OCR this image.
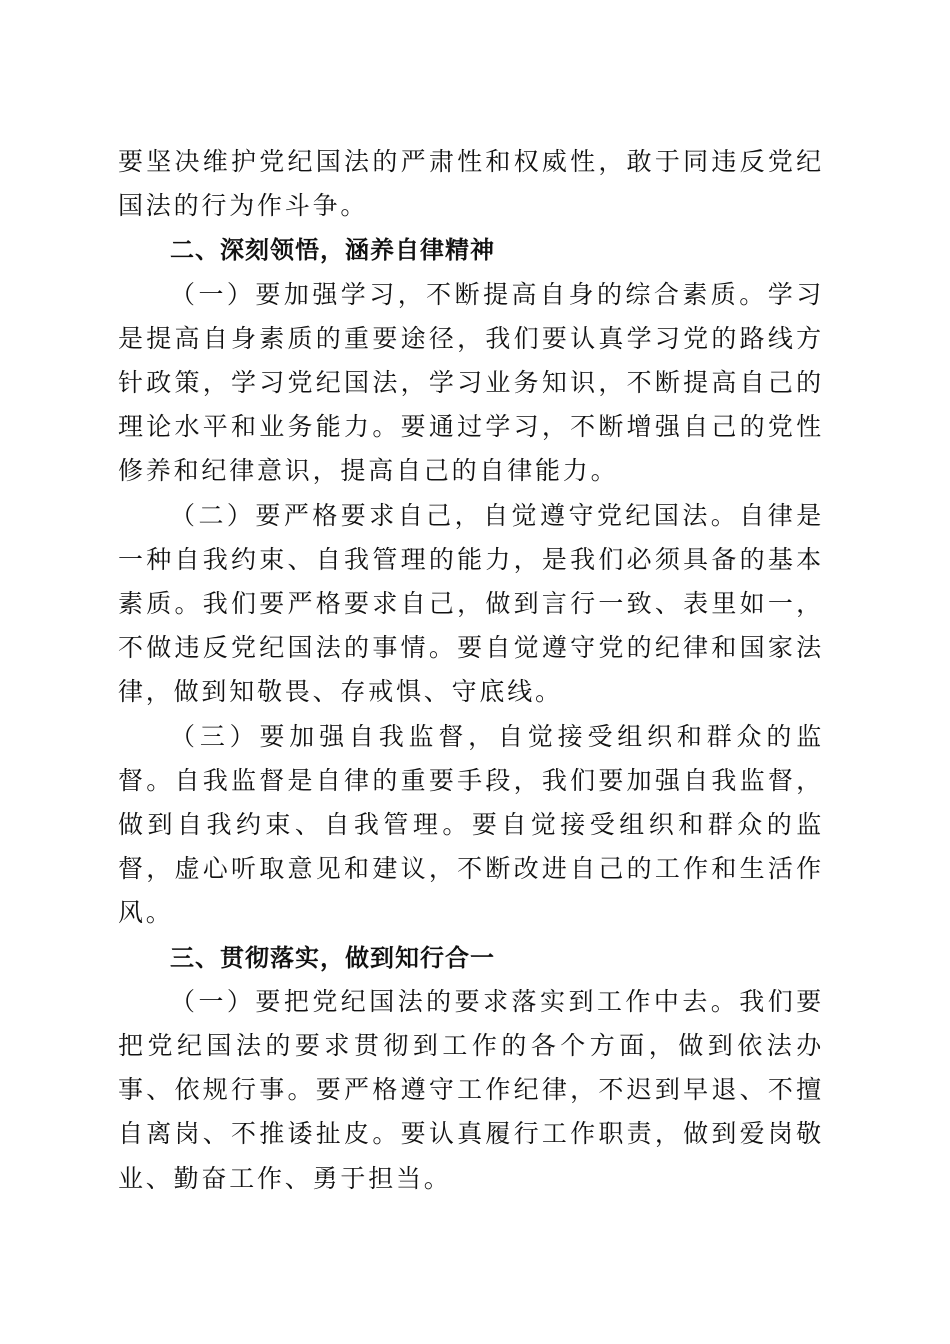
要坚决维护党纪国法的严肃性和权威性，敢于同违反党纪国法的行为作斗争。

二、深刻领悟，涵养自律精神

（一）要加强学习，不断提高自身的综合素质。学习是提高自身素质的重要途径，我们要认真学习党的路线方针政策，学习党纪国法，学习业务知识，不断提高自己的理论水平和业务能力。要通过学习，不断增强自己的党性修养和纪律意识，提高自己的自律能力。

（二）要严格要求自己，自觉遵守党纪国法。自律是一种自我约束、自我管理的能力，是我们必须具备的基本素质。我们要严格要求自己，做到言行一致、表里如一，不做违反党纪国法的事情。要自觉遵守党的纪律和国家法律，做到知敬畏、存戒惧、守底线。

（三）要加强自我监督，自觉接受组织和群众的监督。自我监督是自律的重要手段，我们要加强自我监督，做到自我约束、自我管理。要自觉接受组织和群众的监督，虚心听取意见和建议，不断改进自己的工作和生活作风。

三、贯彻落实，做到知行合一

（一）要把党纪国法的要求落实到工作中去。我们要把党纪国法的要求贯彻到工作的各个方面，做到依法办事、依规行事。要严格遵守工作纪律，不迟到早退、不擅自离岗、不推诿扯皮。要认真履行工作职责，做到爱岗敬业、勤奋工作、勇于担当。
